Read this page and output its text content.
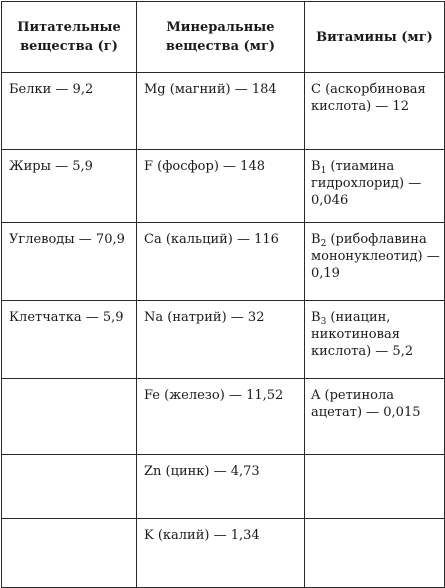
Питательные вещества (г)	Минеральные вещества (мг)	Витамины (мг)
Белки — 9,2	Mg (магний) — 184	C (аскорбиновая кислота) — 12
Жиры — 5,9	F (фосфор) — 148	$B_1$ (тиамина гидрохлорид) — 0,046
Углеводы — 70,9	Ca (кальций) — 116	$B_2$ (рибофлавина мононуклеотид) — 0,19
Клетчатка — 5,9	Na (натрий) — 32	$B_3$ (ниацин, никотиновая кислота) — 5,2
	Fe (железо) — 11,52	A (ретинола ацетат) — 0,015
	Zn (цинк) — 4,73	
	K (калий) — 1,34	
